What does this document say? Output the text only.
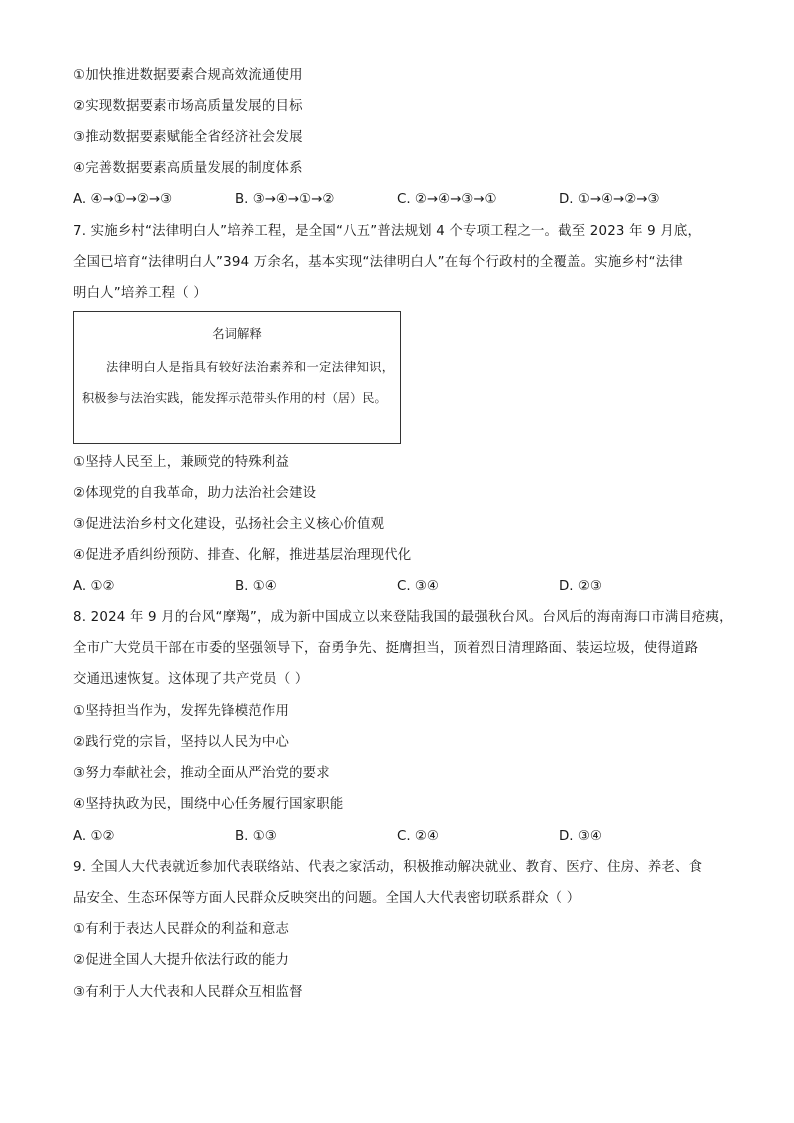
①加快推进数据要素合规高效流通使用
②实现数据要素市场高质量发展的目标
③推动数据要素赋能全省经济社会发展
④完善数据要素高质量发展的制度体系
A. ④→①→②→③	B. ③→④→①→②	C. ②→④→③→①	D. ①→④→②→③
7. 实施乡村“法律明白人”培养工程，是全国“八五”普法规划 4 个专项工程之一。截至 2023 年 9 月底，
全国已培育“法律明白人”394 万余名，基本实现“法律明白人”在每个行政村的全覆盖。实施乡村“法律
明白人”培养工程（ ）
名词解释
法律明白人是指具有较好法治素养和一定法律知识，积极参与法治实践，能发挥示范带头作用的村（居）民。
①坚持人民至上，兼顾党的特殊利益
②体现党的自我革命，助力法治社会建设
③促进法治乡村文化建设，弘扬社会主义核心价值观
④促进矛盾纠纷预防、排查、化解，推进基层治理现代化
A. ①②	B. ①④	C. ③④	D. ②③
8. 2024 年 9 月的台风“摩羯”，成为新中国成立以来登陆我国的最强秋台风。台风后的海南海口市满目疮痍，
全市广大党员干部在市委的坚强领导下，奋勇争先、挺膺担当，顶着烈日清理路面、装运垃圾，使得道路
交通迅速恢复。这体现了共产党员（ ）
①坚持担当作为，发挥先锋模范作用
②践行党的宗旨，坚持以人民为中心
③努力奉献社会，推动全面从严治党的要求
④坚持执政为民，围绕中心任务履行国家职能
A. ①②	B. ①③	C. ②④	D. ③④
9. 全国人大代表就近参加代表联络站、代表之家活动，积极推动解决就业、教育、医疗、住房、养老、食
品安全、生态环保等方面人民群众反映突出的问题。全国人大代表密切联系群众（ ）
①有利于表达人民群众的利益和意志
②促进全国人大提升依法行政的能力
③有利于人大代表和人民群众互相监督
